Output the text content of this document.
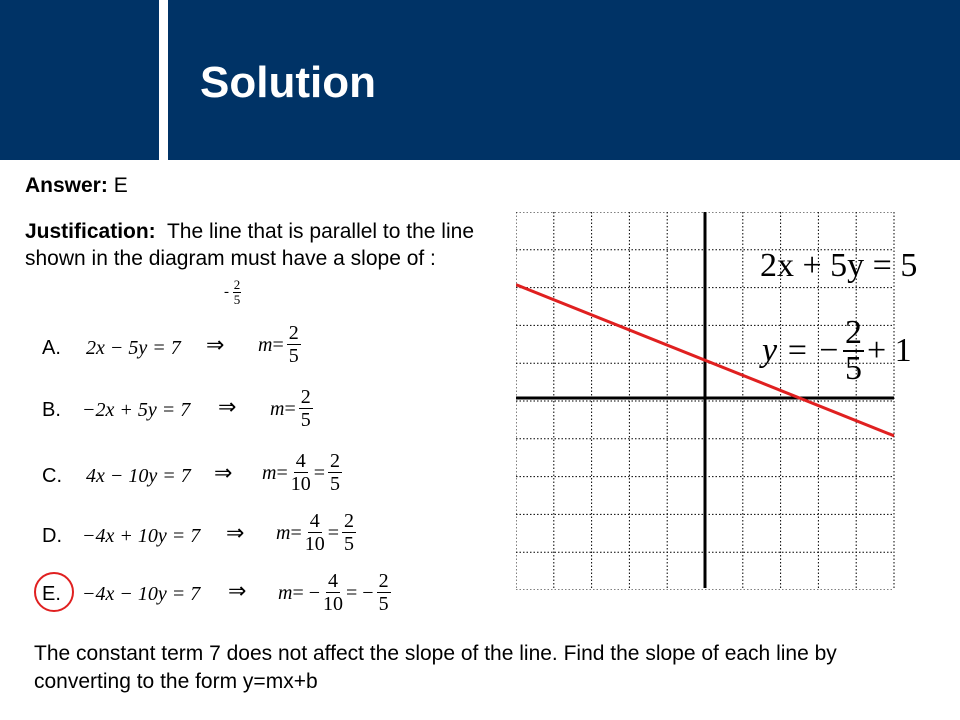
Solution
Answer: E
Justification: The line that is parallel to the line shown in the diagram must have a slope of :
- $\frac{2}{5}$
A. 2x − 5y = 7 ⇒ $m = \frac{2}{5}$
B. −2x + 5y = 7 ⇒ $m = \frac{2}{5}$
C. 4x − 10y = 7 ⇒ $m = \frac{4}{10} = \frac{2}{5}$
D. −4x + 10y = 7 ⇒ $m = \frac{4}{10} = \frac{2}{5}$
E. −4x − 10y = 7 ⇒ m = − $\frac{4}{10}$ = − $\frac{2}{5}$
2x + 5y = 5
y = − $\frac{2}{5} + 1$
The constant term 7 does not affect the slope of the line. Find the slope of each line by converting to the form y=mx+b
